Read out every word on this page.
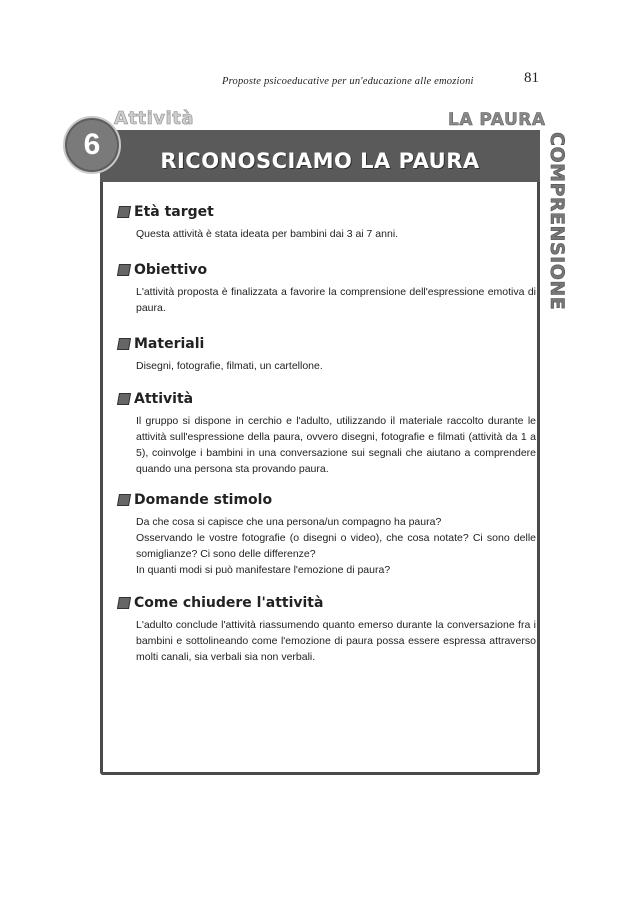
Proposte psicoeducative per un'educazione alle emozioni	81
Attività	LA PAURA
COMPRENSIONE
RICONOSCIAMO LA PAURA
6
Età target

Questa attività è stata ideata per bambini dai 3 ai 7 anni.

Obiettivo

L'attività proposta è finalizzata a favorire la comprensione dell'espressione emotiva di paura.

Materiali

Disegni, fotografie, filmati, un cartellone.

Attività

Il gruppo si dispone in cerchio e l'adulto, utilizzando il materiale raccolto durante le attività sull'espressione della paura, ovvero disegni, fotografie e filmati (attività da 1 a 5), coinvolge i bambini in una conversazione sui segnali che aiutano a comprendere quando una persona sta provando paura.

Domande stimolo

Da che cosa si capisce che una persona/un compagno ha paura?

Osservando le vostre fotografie (o disegni o video), che cosa notate? Ci sono delle somiglianze? Ci sono delle differenze?

In quanti modi si può manifestare l'emozione di paura?

Come chiudere l'attività

L'adulto conclude l'attività riassumendo quanto emerso durante la conversazione fra i bambini e sottolineando come l'emozione di paura possa essere espressa attraverso molti canali, sia verbali sia non verbali.
